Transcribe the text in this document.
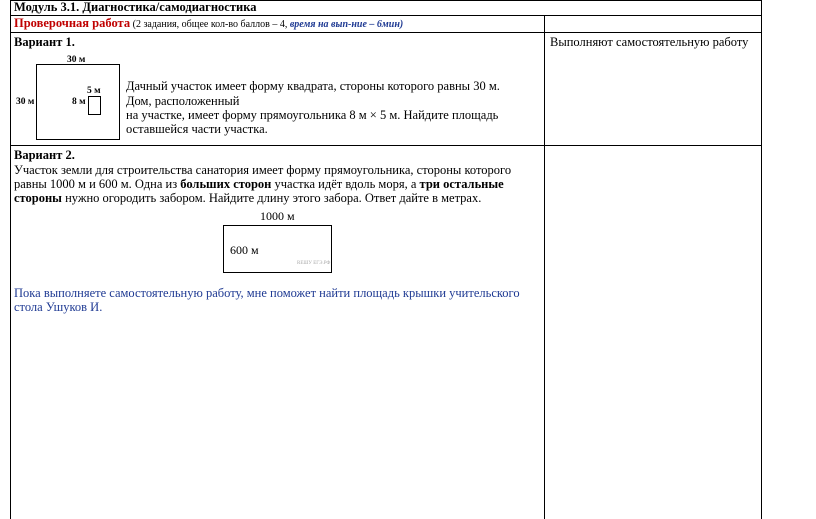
Модуль 3.1. Диагностика/самодиагностика
Проверочная работа (2 задания, общее кол-во баллов – 4, время на вып-ние – 6мин)
Вариант 1.	Выполняют самостоятельную работу
30 м
30 м
5 м
8 м
Дачный участок имеет форму квадрата, стороны которого равны 30 м.
Дом, расположенный
на участке, имеет форму прямоугольника 8 м × 5 м. Найдите площадь
оставшейся части участка.
Вариант 2.
Участок земли для строительства санатория имеет форму прямоугольника, стороны которого
равны 1000 м и 600 м. Одна из больших сторон участка идёт вдоль моря, а три остальные
стороны нужно огородить забором. Найдите длину этого забора. Ответ дайте в метрах.
1000 м
600 м
REШУ ЕГЭ.РФ
Пока выполняете самостоятельную работу, мне поможет найти площадь крышки учительского
стола Ушуков И.
